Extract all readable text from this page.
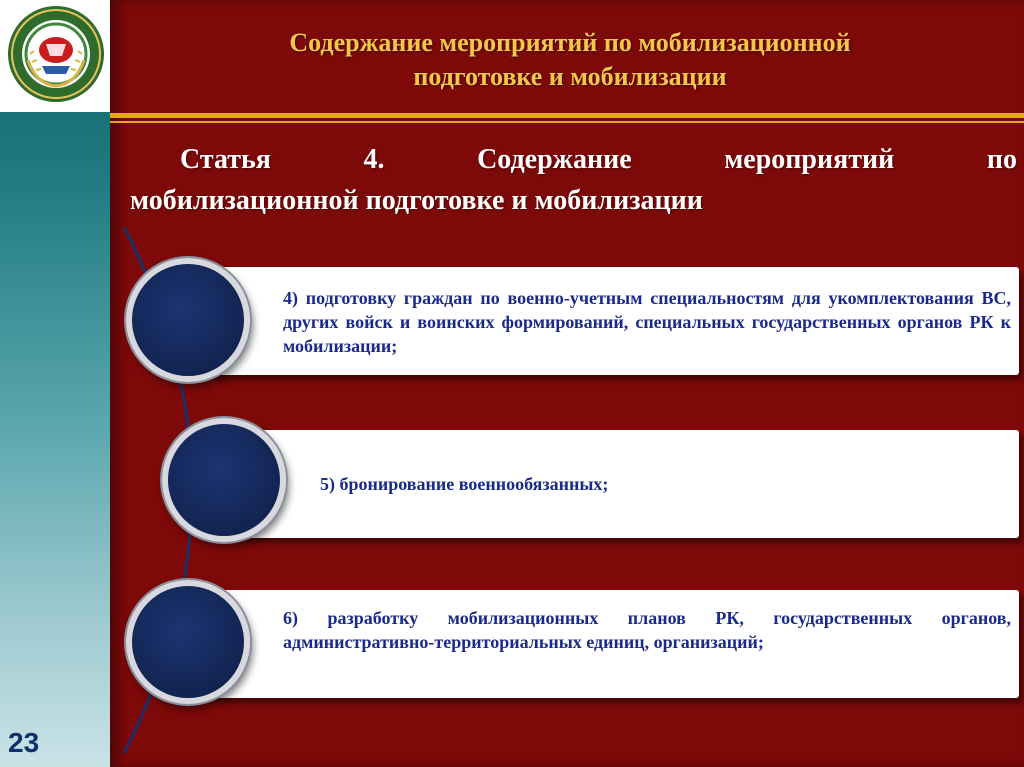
23
Содержание мероприятий по мобилизационной
подготовке и мобилизации
Статья	4.	Содержание	мероприятий	по
мобилизационной подготовке и мобилизации
4) подготовку граждан по военно-учетным специальностям для укомплектования ВС, других войск и воинских формирований, специальных государственных органов РК к мобилизации;
5) бронирование военнообязанных;
6) разработку мобилизационных планов РК, государственных органов, административно-территориальных единиц, организаций;
